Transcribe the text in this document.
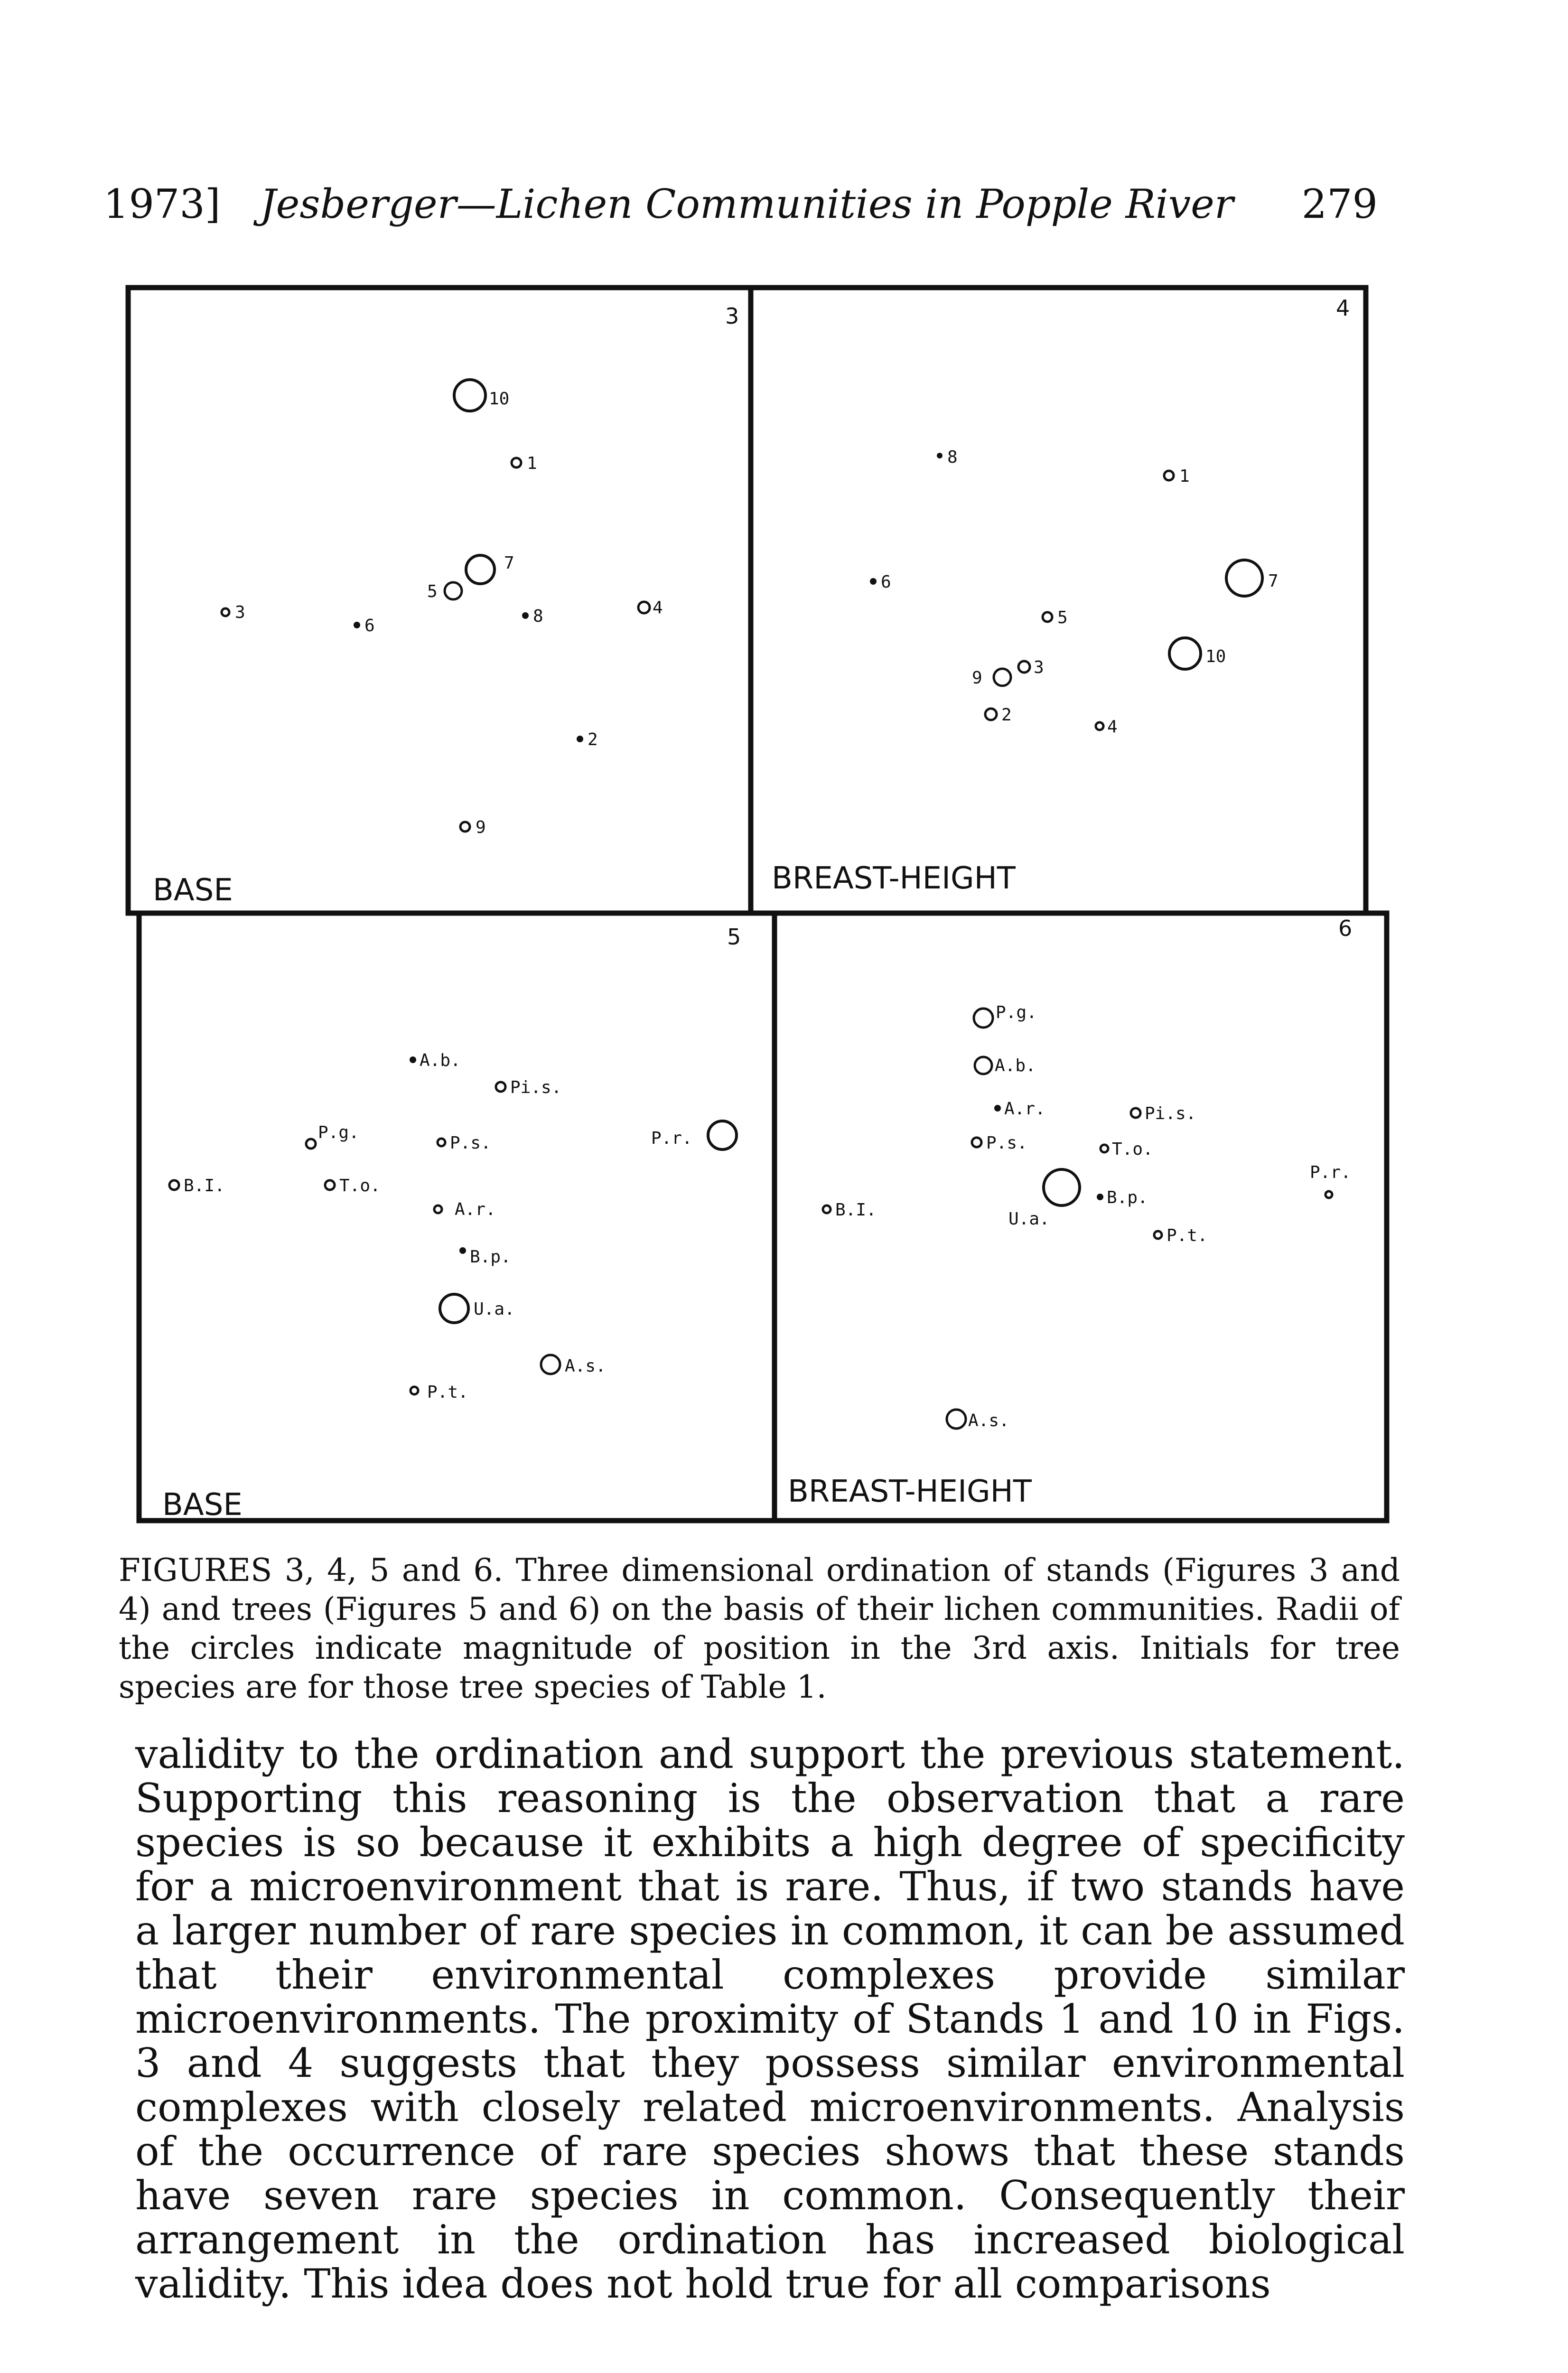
1973] Jesberger—Lichen Communities in Popple River 279
3	4
5	6
BASE	BREAST-HEIGHT
BASE	BREAST-HEIGHT
10
1
7
5
3
6	8	4
2
9
8
1
6	7
5
10
9
3
2
4
A.b.
Pi.s.
P.g.
P.s.	P.r.
B.I.	T.o.
A.r.
B.p.
U.a.
A.s.
P.t.
P.g.
A.b.
A.r.	Pi.s.
P.s.	T.o.
P.r.
B.I.	U.a.
B.p.
P.t.
A.s.
FIGURES 3, 4, 5 and 6. Three dimensional ordination of stands (Figures 3 and 4) and trees (Figures 5 and 6) on the basis of their lichen communities. Radii of the circles indicate magnitude of position in the 3rd axis. Initials for tree species are for those tree species of Table 1.

validity to the ordination and support the previous statement. Supporting this reasoning is the observation that a rare species is so because it exhibits a high degree of specificity for a microenvironment that is rare. Thus, if two stands have a larger number of rare species in common, it can be assumed that their environmental complexes provide similar microenvironments. The proximity of Stands 1 and 10 in Figs. 3 and 4 suggests that they possess similar environmental complexes with closely related microenvironments. Analysis of the occurrence of rare species shows that these stands have seven rare species in common. Consequently their arrangement in the ordination has increased biological validity. This idea does not hold true for all comparisons
